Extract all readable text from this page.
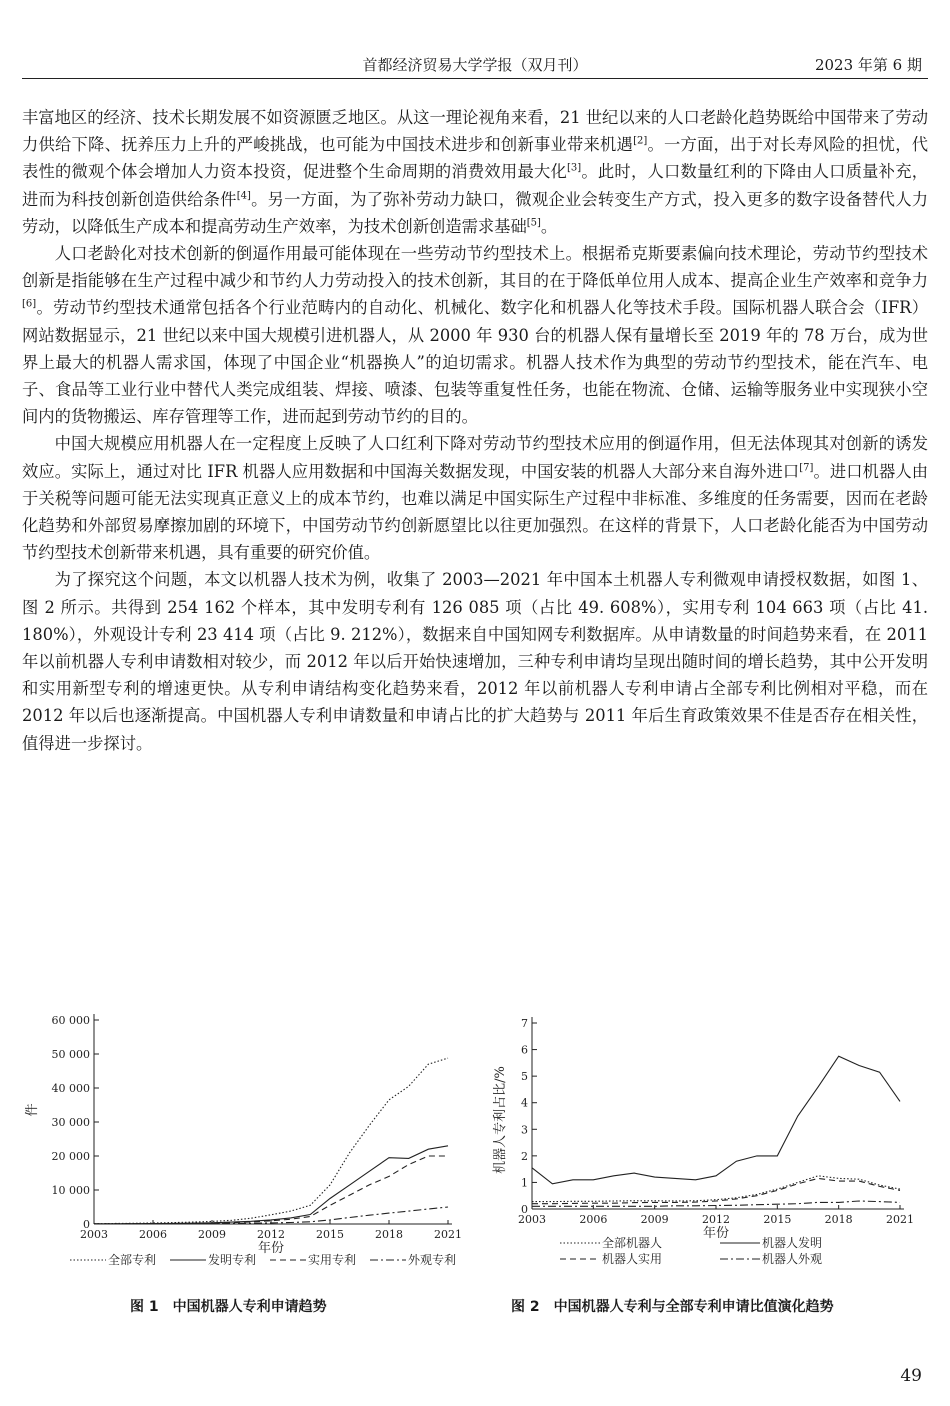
首都经济贸易大学学报（双月刊）	2023 年第 6 期

丰富地区的经济、技术长期发展不如资源匮乏地区。从这一理论视角来看，21 世纪以来的人口老龄化趋势既给中国带来了劳动力供给下降、抚养压力上升的严峻挑战，也可能为中国技术进步和创新事业带来机遇[2]。一方面，出于对长寿风险的担忧，代表性的微观个体会增加人力资本投资，促进整个生命周期的消费效用最大化[3]。此时，人口数量红利的下降由人口质量补充，进而为科技创新创造供给条件[4]。另一方面，为了弥补劳动力缺口，微观企业会转变生产方式，投入更多的数字设备替代人力劳动，以降低生产成本和提高劳动生产效率，为技术创新创造需求基础[5]。

人口老龄化对技术创新的倒逼作用最可能体现在一些劳动节约型技术上。根据希克斯要素偏向技术理论，劳动节约型技术创新是指能够在生产过程中减少和节约人力劳动投入的技术创新，其目的在于降低单位用人成本、提高企业生产效率和竞争力[6]。劳动节约型技术通常包括各个行业范畴内的自动化、机械化、数字化和机器人化等技术手段。国际机器人联合会（IFR）网站数据显示，21 世纪以来中国大规模引进机器人，从 2000 年 930 台的机器人保有量增长至 2019 年的 78 万台，成为世界上最大的机器人需求国，体现了中国企业“机器换人”的迫切需求。机器人技术作为典型的劳动节约型技术，能在汽车、电子、食品等工业行业中替代人类完成组装、焊接、喷漆、包装等重复性任务，也能在物流、仓储、运输等服务业中实现狭小空间内的货物搬运、库存管理等工作，进而起到劳动节约的目的。

中国大规模应用机器人在一定程度上反映了人口红利下降对劳动节约型技术应用的倒逼作用，但无法体现其对创新的诱发效应。实际上，通过对比 IFR 机器人应用数据和中国海关数据发现，中国安装的机器人大部分来自海外进口[7]。进口机器人由于关税等问题可能无法实现真正意义上的成本节约，也难以满足中国实际生产过程中非标准、多维度的任务需要，因而在老龄化趋势和外部贸易摩擦加剧的环境下，中国劳动节约创新愿望比以往更加强烈。在这样的背景下，人口老龄化能否为中国劳动节约型技术创新带来机遇，具有重要的研究价值。

为了探究这个问题，本文以机器人技术为例，收集了 2003—2021 年中国本土机器人专利微观申请授权数据，如图 1、图 2 所示。共得到 254 162 个样本，其中发明专利有 126 085 项（占比 49. 608%），实用专利 104 663 项（占比 41. 180%），外观设计专利 23 414 项（占比 9. 212%），数据来自中国知网专利数据库。从申请数量的时间趋势来看，在 2011 年以前机器人专利申请数相对较少，而 2012 年以后开始快速增加，三种专利申请均呈现出随时间的增长趋势，其中公开发明和实用新型专利的增速更快。从专利申请结构变化趋势来看，2012 年以前机器人专利申请占全部专利比例相对平稳，而在 2012 年以后也逐渐提高。中国机器人专利申请数量和申请占比的扩大趋势与 2011 年后生育政策效果不佳是否存在相关性，值得进一步探讨。

0
10 000
20 000
30 000
40 000
50 000
60 000
2003	2006	2009	2012	2015	2018	2021
年份
件
全部专利	发明专利	实用专利	外观专利
图 1　中国机器人专利申请趋势
0
1
2
3
4
5
6
7
2003	2006	2009	2012	2015	2018	2021
年份
机器人专利占比/%
全部机器人	机器人发明
机器人实用	机器人外观
图 2　中国机器人专利与全部专利申请比值演化趋势
49
